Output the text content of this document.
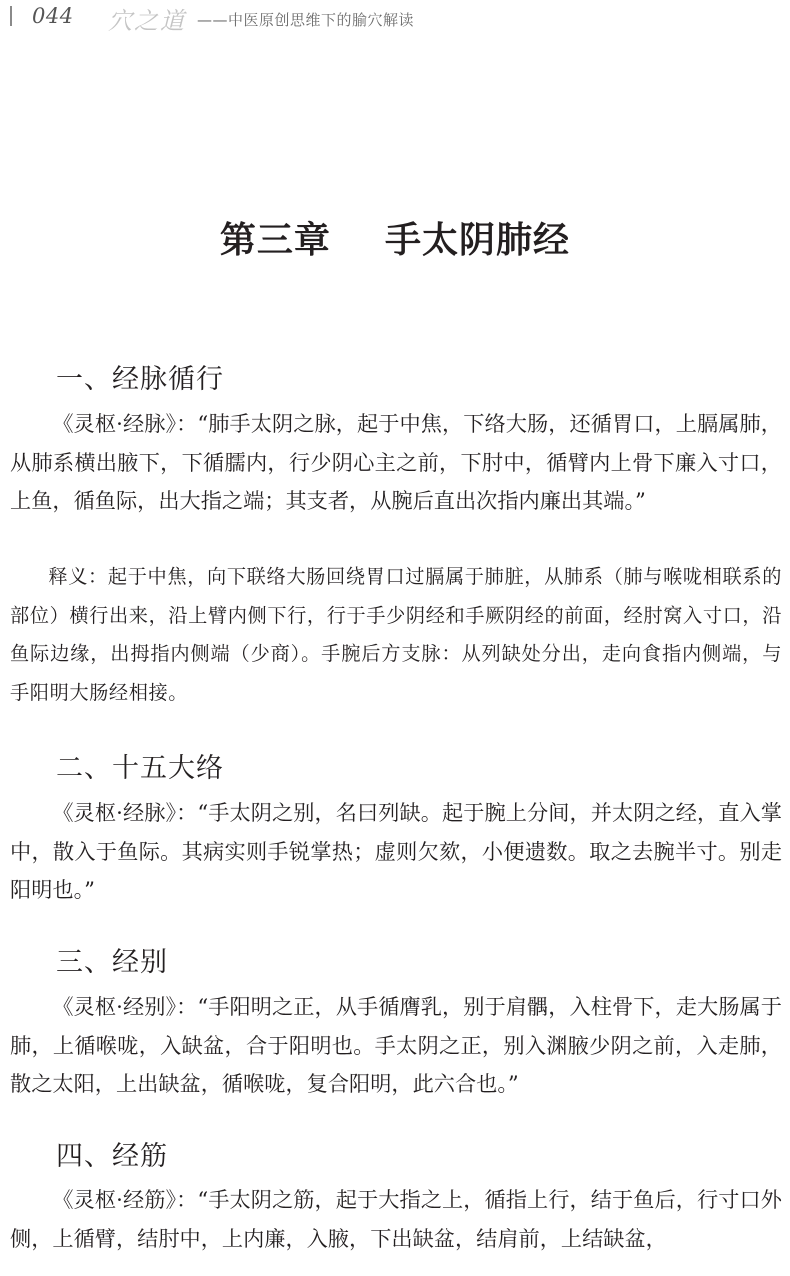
044 穴之道 ——中医原创思维下的腧穴解读
第三章    手太阴肺经
一、经脉循行

《灵枢·经脉》：“肺手太阴之脉，起于中焦，下络大肠，还循胃口，上膈属肺，从肺系横出腋下，下循臑内，行少阴心主之前，下肘中，循臂内上骨下廉入寸口，上鱼，循鱼际，出大指之端；其支者，从腕后直出次指内廉出其端。”

释义：起于中焦，向下联络大肠回绕胃口过膈属于肺脏，从肺系（肺与喉咙相联系的部位）横行出来，沿上臂内侧下行，行于手少阴经和手厥阴经的前面，经肘窝入寸口，沿鱼际边缘，出拇指内侧端（少商）。手腕后方支脉：从列缺处分出，走向食指内侧端，与手阳明大肠经相接。

二、十五大络

《灵枢·经脉》：“手太阴之别，名曰列缺。起于腕上分间，并太阴之经，直入掌中，散入于鱼际。其病实则手锐掌热；虚则欠欬，小便遗数。取之去腕半寸。别走阳明也。”

三、经别

《灵枢·经别》：“手阳明之正，从手循膺乳，别于肩髃，入柱骨下，走大肠属于肺，上循喉咙，入缺盆，合于阳明也。手太阴之正，别入渊腋少阴之前，入走肺，散之太阳，上出缺盆，循喉咙，复合阳明，此六合也。”

四、经筋

《灵枢·经筋》：“手太阴之筋，起于大指之上，循指上行，结于鱼后，行寸口外侧，上循臂，结肘中，上内廉，入腋，下出缺盆，结肩前，上结缺盆，
